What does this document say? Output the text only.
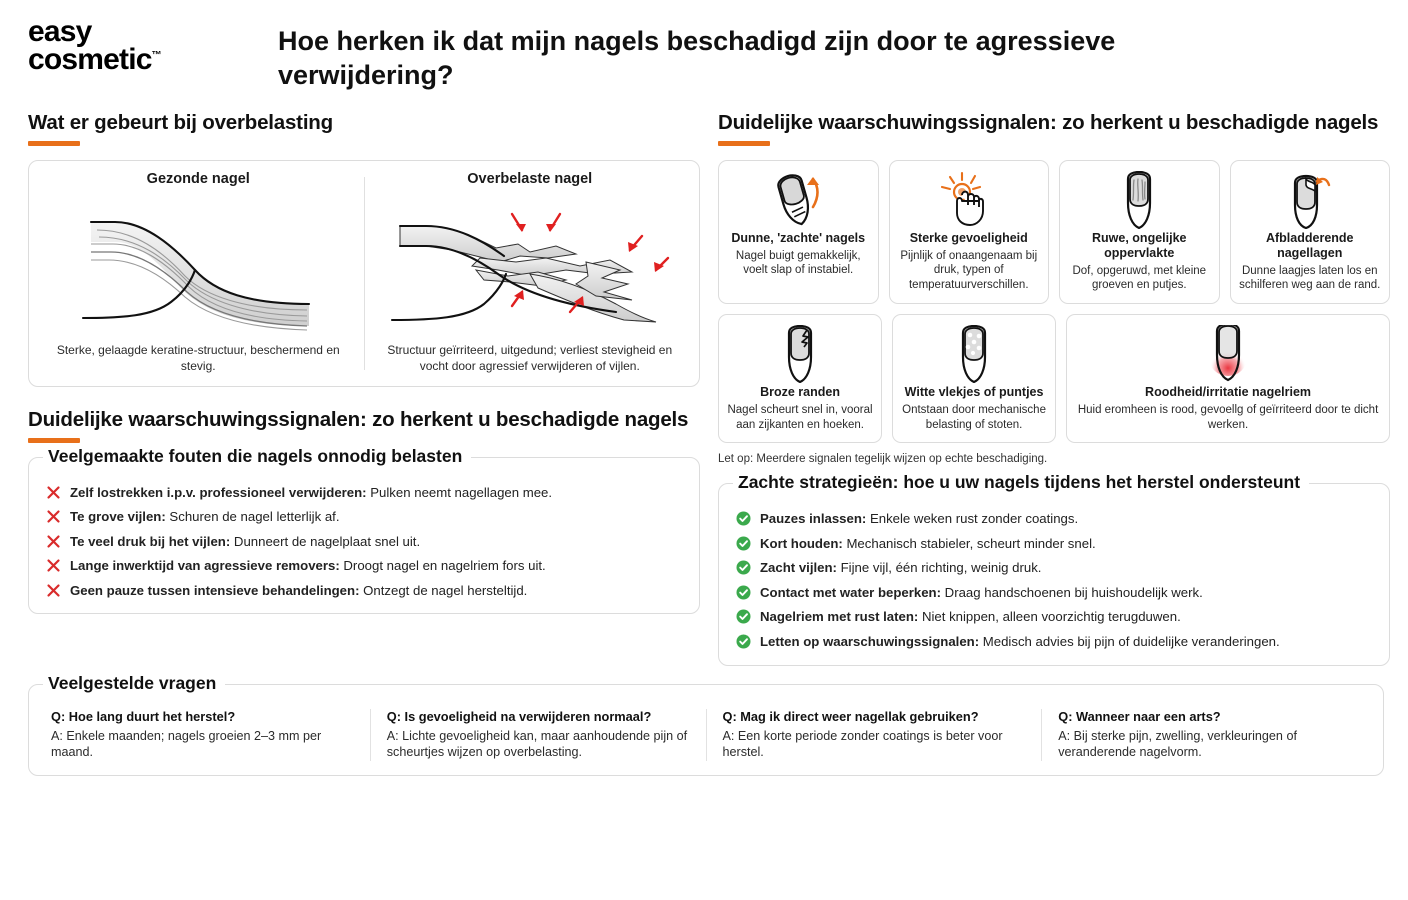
easy
cosmetic™	Hoe herken ik dat mijn nagels beschadigd zijn door te agressieve verwijdering?
Wat er gebeurt bij overbelasting
Gezonde nagel
Sterke, gelaagde keratine-structuur, beschermend en stevig.
Overbelaste nagel
Structuur geïrriteerd, uitgedund; verliest stevigheid en vocht door agressief verwijderen of vijlen.
Duidelijke waarschuwingssignalen: zo herkent u beschadigde nagels
Veelgemaakte fouten die nagels onnodig belasten
Zelf lostrekken i.p.v. professioneel verwijderen: Pulken neemt nagellagen mee.
Te grove vijlen: Schuren de nagel letterlijk af.
Te veel druk bij het vijlen: Dunneert de nagelplaat snel uit.
Lange inwerktijd van agressieve removers: Droogt nagel en nagelriem fors uit.
Geen pauze tussen intensieve behandelingen: Ontzegt de nagel hersteltijd.
Duidelijke waarschuwingssignalen: zo herkent u beschadigde nagels
Dunne, 'zachte' nagels
Nagel buigt gemakkelijk, voelt slap of instabiel.
Sterke gevoeligheid
Pijnlijk of onaangenaam bij druk, typen of temperatuurverschillen.
Ruwe, ongelijke oppervlakte
Dof, opgeruwd, met kleine groeven en putjes.
Afbladderende nagellagen
Dunne laagjes laten los en schilferen weg aan de rand.
Broze randen
Nagel scheurt snel in, vooral aan zijkanten en hoeken.
Witte vlekjes of puntjes
Ontstaan door mechanische belasting of stoten.
Roodheid/irritatie nagelriem
Huid eromheen is rood, gevoellg of geïrriteerd door te dicht werken.
Let op: Meerdere signalen tegelijk wijzen op echte beschadiging.
Zachte strategieën: hoe u uw nagels tijdens het herstel ondersteunt
Pauzes inlassen: Enkele weken rust zonder coatings.
Kort houden: Mechanisch stabieler, scheurt minder snel.
Zacht vijlen: Fijne vijl, één richting, weinig druk.
Contact met water beperken: Draag handschoenen bij huishoudelijk werk.
Nagelriem met rust laten: Niet knippen, alleen voorzichtig terugduwen.
Letten op waarschuwingssignalen: Medisch advies bij pijn of duidelijke veranderingen.
Veelgestelde vragen
Q: Hoe lang duurt het herstel?
A: Enkele maanden; nagels groeien 2–3 mm per maand.
Q: Is gevoeligheid na verwijderen normaal?
A: Lichte gevoeligheid kan, maar aanhoudende pijn of scheurtjes wijzen op overbelasting.
Q: Mag ik direct weer nagellak gebruiken?
A: Een korte periode zonder coatings is beter voor herstel.
Q: Wanneer naar een arts?
A: Bij sterke pijn, zwelling, verkleuringen of veranderende nagelvorm.
